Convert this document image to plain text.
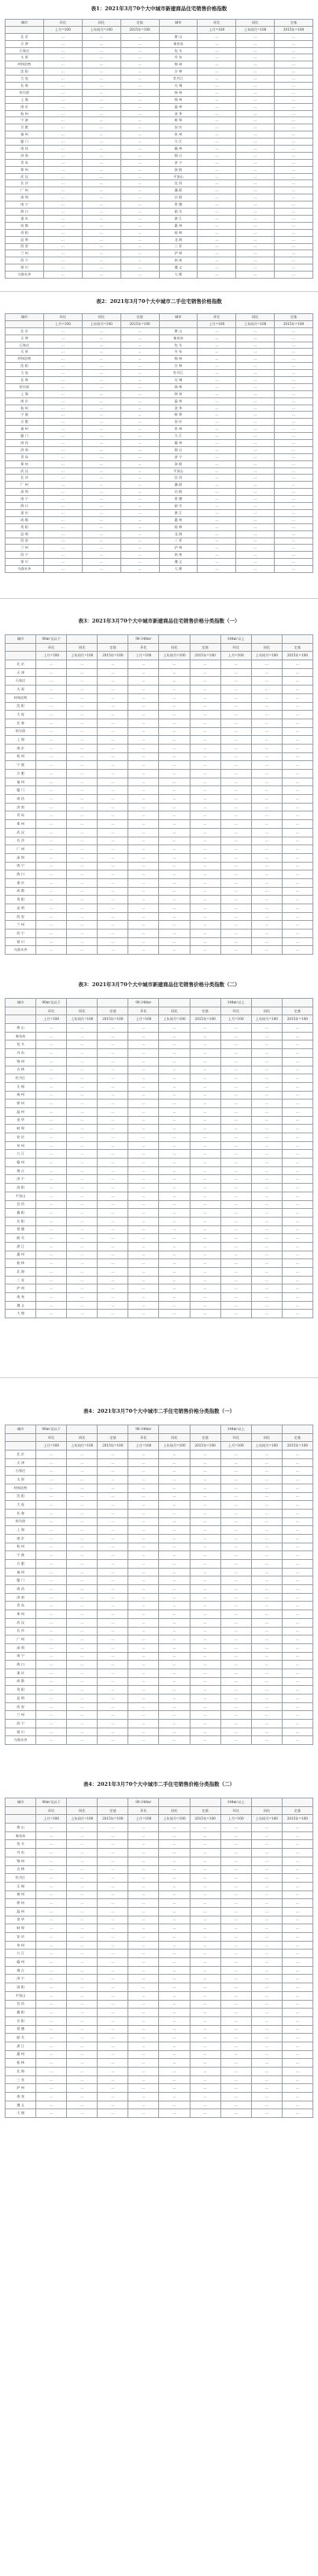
表1：2021年3月70个大中城市新建商品住宅销售价格指数
城市	环比	同比	定基	城市	环比	同比	定基
	上月=100	上年同月=100	2015年=100		上月=100	上年同月=100	2015年=100
北 京	…	…	…	唐 山	…	…	…
天 津	…	…	…	秦皇岛	…	…	…
石家庄	…	…	…	包 头	…	…	…
太 原	…	…	…	丹 东	…	…	…
呼和浩特	…	…	…	锦 州	…	…	…
沈 阳	…	…	…	吉 林	…	…	…
大 连	…	…	…	牡丹江	…	…	…
长 春	…	…	…	无 锡	…	…	…
哈尔滨	…	…	…	扬 州	…	…	…
上 海	…	…	…	徐 州	…	…	…
南 京	…	…	…	温 州	…	…	…
杭 州	…	…	…	金 华	…	…	…
宁 波	…	…	…	蚌 埠	…	…	…
合 肥	…	…	…	安 庆	…	…	…
福 州	…	…	…	泉 州	…	…	…
厦 门	…	…	…	九 江	…	…	…
南 昌	…	…	…	赣 州	…	…	…
济 南	…	…	…	烟 台	…	…	…
青 岛	…	…	…	济 宁	…	…	…
郑 州	…	…	…	洛 阳	…	…	…
武 汉	…	…	…	平顶山	…	…	…
长 沙	…	…	…	宜 昌	…	…	…
广 州	…	…	…	襄 阳	…	…	…
深 圳	…	…	…	岳 阳	…	…	…
南 宁	…	…	…	常 德	…	…	…
海 口	…	…	…	韶 关	…	…	…
重 庆	…	…	…	湛 江	…	…	…
成 都	…	…	…	惠 州	…	…	…
贵 阳	…	…	…	桂 林	…	…	…
昆 明	…	…	…	北 海	…	…	…
西 安	…	…	…	三 亚	…	…	…
兰 州	…	…	…	泸 州	…	…	…
西 宁	…	…	…	南 充	…	…	…
银 川	…	…	…	遵 义	…	…	…
乌鲁木齐	…	…	…	大 理	…	…	…
表2：2021年3月70个大中城市二手住宅销售价格指数
城市	环比	同比	定基	城市	环比	同比	定基
	上月=100	上年同月=100	2015年=100		上月=100	上年同月=100	2015年=100
北 京	…	…	…	唐 山	…	…	…
天 津	…	…	…	秦皇岛	…	…	…
石家庄	…	…	…	包 头	…	…	…
太 原	…	…	…	丹 东	…	…	…
呼和浩特	…	…	…	锦 州	…	…	…
沈 阳	…	…	…	吉 林	…	…	…
大 连	…	…	…	牡丹江	…	…	…
长 春	…	…	…	无 锡	…	…	…
哈尔滨	…	…	…	扬 州	…	…	…
上 海	…	…	…	徐 州	…	…	…
南 京	…	…	…	温 州	…	…	…
杭 州	…	…	…	金 华	…	…	…
宁 波	…	…	…	蚌 埠	…	…	…
合 肥	…	…	…	安 庆	…	…	…
福 州	…	…	…	泉 州	…	…	…
厦 门	…	…	…	九 江	…	…	…
南 昌	…	…	…	赣 州	…	…	…
济 南	…	…	…	烟 台	…	…	…
青 岛	…	…	…	济 宁	…	…	…
郑 州	…	…	…	洛 阳	…	…	…
武 汉	…	…	…	平顶山	…	…	…
长 沙	…	…	…	宜 昌	…	…	…
广 州	…	…	…	襄 阳	…	…	…
深 圳	…	…	…	岳 阳	…	…	…
南 宁	…	…	…	常 德	…	…	…
海 口	…	…	…	韶 关	…	…	…
重 庆	…	…	…	湛 江	…	…	…
成 都	…	…	…	惠 州	…	…	…
贵 阳	…	…	…	桂 林	…	…	…
昆 明	…	…	…	北 海	…	…	…
西 安	…	…	…	三 亚	…	…	…
兰 州	…	…	…	泸 州	…	…	…
西 宁	…	…	…	南 充	…	…	…
银 川	…	…	…	遵 义	…	…	…
乌鲁木齐	…	…	…	大 理	…	…	…
表3：2021年3月70个大中城市新建商品住宅销售价格分类指数（一）
城市	90m²及以下			90-144m²			144m²以上		
	环比	同比	定基	环比	同比	定基	环比	同比	定基
	上月=100	上年同月=100	2015年=100	上月=100	上年同月=100	2015年=100	上月=100	上年同月=100	2015年=100
北 京	…	…	…	…	…	…	…	…	…
天 津	…	…	…	…	…	…	…	…	…
石家庄	…	…	…	…	…	…	…	…	…
太 原	…	…	…	…	…	…	…	…	…
呼和浩特	…	…	…	…	…	…	…	…	…
沈 阳	…	…	…	…	…	…	…	…	…
大 连	…	…	…	…	…	…	…	…	…
长 春	…	…	…	…	…	…	…	…	…
哈尔滨	…	…	…	…	…	…	…	…	…
上 海	…	…	…	…	…	…	…	…	…
南 京	…	…	…	…	…	…	…	…	…
杭 州	…	…	…	…	…	…	…	…	…
宁 波	…	…	…	…	…	…	…	…	…
合 肥	…	…	…	…	…	…	…	…	…
福 州	…	…	…	…	…	…	…	…	…
厦 门	…	…	…	…	…	…	…	…	…
南 昌	…	…	…	…	…	…	…	…	…
济 南	…	…	…	…	…	…	…	…	…
青 岛	…	…	…	…	…	…	…	…	…
郑 州	…	…	…	…	…	…	…	…	…
武 汉	…	…	…	…	…	…	…	…	…
长 沙	…	…	…	…	…	…	…	…	…
广 州	…	…	…	…	…	…	…	…	…
深 圳	…	…	…	…	…	…	…	…	…
南 宁	…	…	…	…	…	…	…	…	…
海 口	…	…	…	…	…	…	…	…	…
重 庆	…	…	…	…	…	…	…	…	…
成 都	…	…	…	…	…	…	…	…	…
贵 阳	…	…	…	…	…	…	…	…	…
昆 明	…	…	…	…	…	…	…	…	…
西 安	…	…	…	…	…	…	…	…	…
兰 州	…	…	…	…	…	…	…	…	…
西 宁	…	…	…	…	…	…	…	…	…
银 川	…	…	…	…	…	…	…	…	…
乌鲁木齐	…	…	…	…	…	…	…	…	…
表3：2021年3月70个大中城市新建商品住宅销售价格分类指数（二）
城市	90m²及以下			90-144m²			144m²以上		
	环比	同比	定基	环比	同比	定基	环比	同比	定基
	上月=100	上年同月=100	2015年=100	上月=100	上年同月=100	2015年=100	上月=100	上年同月=100	2015年=100
唐 山	…	…	…	…	…	…	…	…	…
秦皇岛	…	…	…	…	…	…	…	…	…
包 头	…	…	…	…	…	…	…	…	…
丹 东	…	…	…	…	…	…	…	…	…
锦 州	…	…	…	…	…	…	…	…	…
吉 林	…	…	…	…	…	…	…	…	…
牡丹江	…	…	…	…	…	…	…	…	…
无 锡	…	…	…	…	…	…	…	…	…
扬 州	…	…	…	…	…	…	…	…	…
徐 州	…	…	…	…	…	…	…	…	…
温 州	…	…	…	…	…	…	…	…	…
金 华	…	…	…	…	…	…	…	…	…
蚌 埠	…	…	…	…	…	…	…	…	…
安 庆	…	…	…	…	…	…	…	…	…
泉 州	…	…	…	…	…	…	…	…	…
九 江	…	…	…	…	…	…	…	…	…
赣 州	…	…	…	…	…	…	…	…	…
烟 台	…	…	…	…	…	…	…	…	…
济 宁	…	…	…	…	…	…	…	…	…
洛 阳	…	…	…	…	…	…	…	…	…
平顶山	…	…	…	…	…	…	…	…	…
宜 昌	…	…	…	…	…	…	…	…	…
襄 阳	…	…	…	…	…	…	…	…	…
岳 阳	…	…	…	…	…	…	…	…	…
常 德	…	…	…	…	…	…	…	…	…
韶 关	…	…	…	…	…	…	…	…	…
湛 江	…	…	…	…	…	…	…	…	…
惠 州	…	…	…	…	…	…	…	…	…
桂 林	…	…	…	…	…	…	…	…	…
北 海	…	…	…	…	…	…	…	…	…
三 亚	…	…	…	…	…	…	…	…	…
泸 州	…	…	…	…	…	…	…	…	…
南 充	…	…	…	…	…	…	…	…	…
遵 义	…	…	…	…	…	…	…	…	…
大 理	…	…	…	…	…	…	…	…	…
表4：2021年3月70个大中城市二手住宅销售价格分类指数（一）
城市	90m²及以下			90-144m²			144m²以上		
	环比	同比	定基	环比	同比	定基	环比	同比	定基
	上月=100	上年同月=100	2015年=100	上月=100	上年同月=100	2015年=100	上月=100	上年同月=100	2015年=100
北 京	…	…	…	…	…	…	…	…	…
天 津	…	…	…	…	…	…	…	…	…
石家庄	…	…	…	…	…	…	…	…	…
太 原	…	…	…	…	…	…	…	…	…
呼和浩特	…	…	…	…	…	…	…	…	…
沈 阳	…	…	…	…	…	…	…	…	…
大 连	…	…	…	…	…	…	…	…	…
长 春	…	…	…	…	…	…	…	…	…
哈尔滨	…	…	…	…	…	…	…	…	…
上 海	…	…	…	…	…	…	…	…	…
南 京	…	…	…	…	…	…	…	…	…
杭 州	…	…	…	…	…	…	…	…	…
宁 波	…	…	…	…	…	…	…	…	…
合 肥	…	…	…	…	…	…	…	…	…
福 州	…	…	…	…	…	…	…	…	…
厦 门	…	…	…	…	…	…	…	…	…
南 昌	…	…	…	…	…	…	…	…	…
济 南	…	…	…	…	…	…	…	…	…
青 岛	…	…	…	…	…	…	…	…	…
郑 州	…	…	…	…	…	…	…	…	…
武 汉	…	…	…	…	…	…	…	…	…
长 沙	…	…	…	…	…	…	…	…	…
广 州	…	…	…	…	…	…	…	…	…
深 圳	…	…	…	…	…	…	…	…	…
南 宁	…	…	…	…	…	…	…	…	…
海 口	…	…	…	…	…	…	…	…	…
重 庆	…	…	…	…	…	…	…	…	…
成 都	…	…	…	…	…	…	…	…	…
贵 阳	…	…	…	…	…	…	…	…	…
昆 明	…	…	…	…	…	…	…	…	…
西 安	…	…	…	…	…	…	…	…	…
兰 州	…	…	…	…	…	…	…	…	…
西 宁	…	…	…	…	…	…	…	…	…
银 川	…	…	…	…	…	…	…	…	…
乌鲁木齐	…	…	…	…	…	…	…	…	…
表4：2021年3月70个大中城市二手住宅销售价格分类指数（二）
城市	90m²及以下			90-144m²			144m²以上		
	环比	同比	定基	环比	同比	定基	环比	同比	定基
	上月=100	上年同月=100	2015年=100	上月=100	上年同月=100	2015年=100	上月=100	上年同月=100	2015年=100
唐 山	…	…	…	…	…	…	…	…	…
秦皇岛	…	…	…	…	…	…	…	…	…
包 头	…	…	…	…	…	…	…	…	…
丹 东	…	…	…	…	…	…	…	…	…
锦 州	…	…	…	…	…	…	…	…	…
吉 林	…	…	…	…	…	…	…	…	…
牡丹江	…	…	…	…	…	…	…	…	…
无 锡	…	…	…	…	…	…	…	…	…
扬 州	…	…	…	…	…	…	…	…	…
徐 州	…	…	…	…	…	…	…	…	…
温 州	…	…	…	…	…	…	…	…	…
金 华	…	…	…	…	…	…	…	…	…
蚌 埠	…	…	…	…	…	…	…	…	…
安 庆	…	…	…	…	…	…	…	…	…
泉 州	…	…	…	…	…	…	…	…	…
九 江	…	…	…	…	…	…	…	…	…
赣 州	…	…	…	…	…	…	…	…	…
烟 台	…	…	…	…	…	…	…	…	…
济 宁	…	…	…	…	…	…	…	…	…
洛 阳	…	…	…	…	…	…	…	…	…
平顶山	…	…	…	…	…	…	…	…	…
宜 昌	…	…	…	…	…	…	…	…	…
襄 阳	…	…	…	…	…	…	…	…	…
岳 阳	…	…	…	…	…	…	…	…	…
常 德	…	…	…	…	…	…	…	…	…
韶 关	…	…	…	…	…	…	…	…	…
湛 江	…	…	…	…	…	…	…	…	…
惠 州	…	…	…	…	…	…	…	…	…
桂 林	…	…	…	…	…	…	…	…	…
北 海	…	…	…	…	…	…	…	…	…
三 亚	…	…	…	…	…	…	…	…	…
泸 州	…	…	…	…	…	…	…	…	…
南 充	…	…	…	…	…	…	…	…	…
遵 义	…	…	…	…	…	…	…	…	…
大 理	…	…	…	…	…	…	…	…	…
